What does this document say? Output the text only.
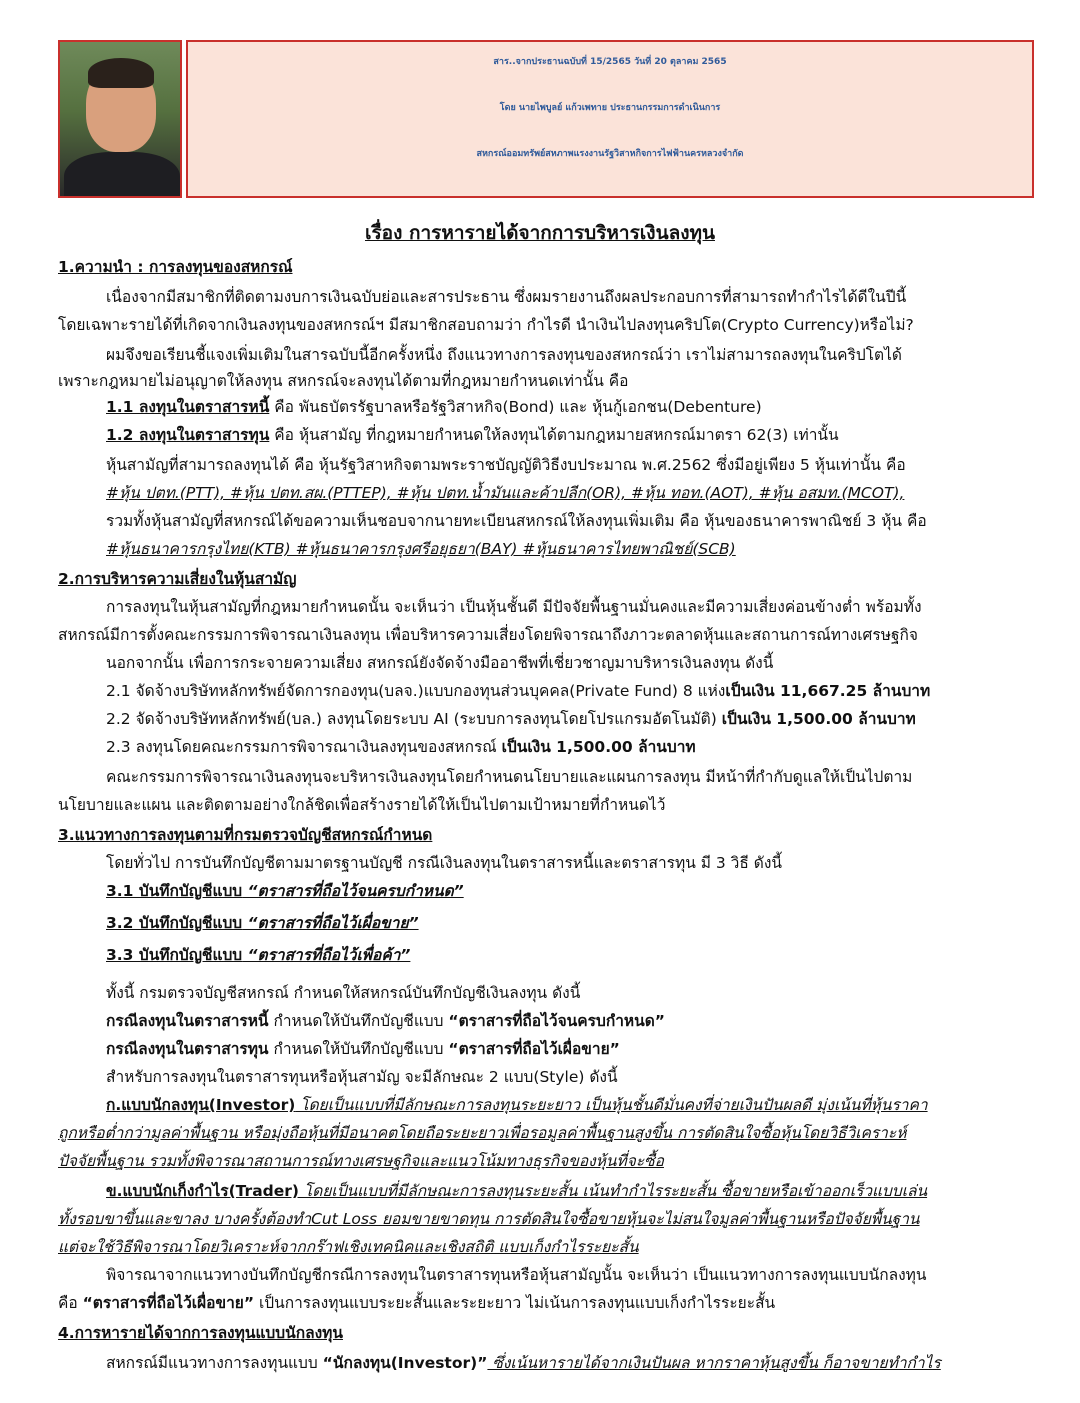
สาร..จากประธานฉบับที่ 15/2565 วันที่ 20 ตุลาคม 2565
โดย นายไพบูลย์ แก้วเพทาย ประธานกรรมการดำเนินการ
สหกรณ์ออมทรัพย์สหภาพแรงงานรัฐวิสาหกิจการไฟฟ้านครหลวงจำกัด
เรื่อง การหารายได้จากการบริหารเงินลงทุน
1.ความนำ : การลงทุนของสหกรณ์
เนื่องจากมีสมาชิกที่ติดตามงบการเงินฉบับย่อและสารประธาน ซึ่งผมรายงานถึงผลประกอบการที่สามารถทำกำไรได้ดีในปีนี้
โดยเฉพาะรายได้ที่เกิดจากเงินลงทุนของสหกรณ์ฯ มีสมาชิกสอบถามว่า กำไรดี นำเงินไปลงทุนคริปโต(Crypto Currency)หรือไม่?
ผมจึงขอเรียนชี้แจงเพิ่มเติมในสารฉบับนี้อีกครั้งหนึ่ง ถึงแนวทางการลงทุนของสหกรณ์ว่า เราไม่สามารถลงทุนในคริปโตได้
เพราะกฎหมายไม่อนุญาตให้ลงทุน สหกรณ์จะลงทุนได้ตามที่กฎหมายกำหนดเท่านั้น คือ
1.1 ลงทุนในตราสารหนี้ คือ พันธบัตรรัฐบาลหรือรัฐวิสาหกิจ(Bond) และ หุ้นกู้เอกชน(Debenture)
1.2 ลงทุนในตราสารทุน คือ หุ้นสามัญ ที่กฎหมายกำหนดให้ลงทุนได้ตามกฎหมายสหกรณ์มาตรา 62(3) เท่านั้น
หุ้นสามัญที่สามารถลงทุนได้ คือ หุ้นรัฐวิสาหกิจตามพระราชบัญญัติวิธีงบประมาณ พ.ศ.2562 ซึ่งมีอยู่เพียง 5 หุ้นเท่านั้น คือ
#หุ้น ปตท.(PTT), #หุ้น ปตท.สผ.(PTTEP), #หุ้น ปตท.น้ำมันและค้าปลีก(OR), #หุ้น ทอท.(AOT), #หุ้น อสมท.(MCOT),
รวมทั้งหุ้นสามัญที่สหกรณ์ได้ขอความเห็นชอบจากนายทะเบียนสหกรณ์ให้ลงทุนเพิ่มเติม คือ หุ้นของธนาคารพาณิชย์ 3 หุ้น คือ
#หุ้นธนาคารกรุงไทย(KTB) #หุ้นธนาคารกรุงศรีอยุธยา(BAY) #หุ้นธนาคารไทยพาณิชย์(SCB)
2.การบริหารความเสี่ยงในหุ้นสามัญ
การลงทุนในหุ้นสามัญที่กฎหมายกำหนดนั้น จะเห็นว่า เป็นหุ้นชั้นดี มีปัจจัยพื้นฐานมั่นคงและมีความเสี่ยงค่อนข้างต่ำ พร้อมทั้ง
สหกรณ์มีการตั้งคณะกรรมการพิจารณาเงินลงทุน เพื่อบริหารความเสี่ยงโดยพิจารณาถึงภาวะตลาดหุ้นและสถานการณ์ทางเศรษฐกิจ
นอกจากนั้น เพื่อการกระจายความเสี่ยง สหกรณ์ยังจัดจ้างมืออาชีพที่เชี่ยวชาญมาบริหารเงินลงทุน ดังนี้
2.1 จัดจ้างบริษัทหลักทรัพย์จัดการกองทุน(บลจ.)แบบกองทุนส่วนบุคคล(Private Fund) 8 แห่งเป็นเงิน 11,667.25 ล้านบาท
2.2 จัดจ้างบริษัทหลักทรัพย์(บล.) ลงทุนโดยระบบ AI (ระบบการลงทุนโดยโปรแกรมอัตโนมัติ) เป็นเงิน 1,500.00 ล้านบาท
2.3 ลงทุนโดยคณะกรรมการพิจารณาเงินลงทุนของสหกรณ์ เป็นเงิน 1,500.00 ล้านบาท
คณะกรรมการพิจารณาเงินลงทุนจะบริหารเงินลงทุนโดยกำหนดนโยบายและแผนการลงทุน มีหน้าที่กำกับดูแลให้เป็นไปตาม
นโยบายและแผน และติดตามอย่างใกล้ชิดเพื่อสร้างรายได้ให้เป็นไปตามเป้าหมายที่กำหนดไว้
3.แนวทางการลงทุนตามที่กรมตรวจบัญชีสหกรณ์กำหนด
โดยทั่วไป การบันทึกบัญชีตามมาตรฐานบัญชี กรณีเงินลงทุนในตราสารหนี้และตราสารทุน มี 3 วิธี ดังนี้
3.1 บันทึกบัญชีแบบ “ตราสารที่ถือไว้จนครบกำหนด”
3.2 บันทึกบัญชีแบบ “ตราสารที่ถือไว้เผื่อขาย”
3.3 บันทึกบัญชีแบบ “ตราสารที่ถือไว้เพื่อค้า”
ทั้งนี้ กรมตรวจบัญชีสหกรณ์ กำหนดให้สหกรณ์บันทึกบัญชีเงินลงทุน ดังนี้
กรณีลงทุนในตราสารหนี้ กำหนดให้บันทึกบัญชีแบบ “ตราสารที่ถือไว้จนครบกำหนด”
กรณีลงทุนในตราสารทุน กำหนดให้บันทึกบัญชีแบบ “ตราสารที่ถือไว้เผื่อขาย”
สำหรับการลงทุนในตราสารทุนหรือหุ้นสามัญ จะมีลักษณะ 2 แบบ(Style) ดังนี้
ก.แบบนักลงทุน(Investor) โดยเป็นแบบที่มีลักษณะการลงทุนระยะยาว เป็นหุ้นชั้นดีมั่นคงที่จ่ายเงินปันผลดี มุ่งเน้นที่หุ้นราคา
ถูกหรือต่ำกว่ามูลค่าพื้นฐาน หรือมุ่งถือหุ้นที่มีอนาคตโดยถือระยะยาวเพื่อรอมูลค่าพื้นฐานสูงขึ้น การตัดสินใจซื้อหุ้นโดยวิธีวิเคราะห์
ปัจจัยพื้นฐาน รวมทั้งพิจารณาสถานการณ์ทางเศรษฐกิจและแนวโน้มทางธุรกิจของหุ้นที่จะซื้อ
ข.แบบนักเก็งกำไร(Trader) โดยเป็นแบบที่มีลักษณะการลงทุนระยะสั้น เน้นทำกำไรระยะสั้น ซื้อขายหรือเข้าออกเร็วแบบเล่น
ทั้งรอบขาขึ้นและขาลง บางครั้งต้องทำCut Loss ยอมขายขาดทุน การตัดสินใจซื้อขายหุ้นจะไม่สนใจมูลค่าพื้นฐานหรือปัจจัยพื้นฐาน
แต่จะใช้วิธีพิจารณาโดยวิเคราะห์จากกร๊าฟเชิงเทคนิคและเชิงสถิติ แบบเก็งกำไรระยะสั้น
พิจารณาจากแนวทางบันทึกบัญชีกรณีการลงทุนในตราสารทุนหรือหุ้นสามัญนั้น จะเห็นว่า เป็นแนวทางการลงทุนแบบนักลงทุน
คือ “ตราสารที่ถือไว้เผื่อขาย” เป็นการลงทุนแบบระยะสั้นและระยะยาว ไม่เน้นการลงทุนแบบเก็งกำไรระยะสั้น
4.การหารายได้จากการลงทุนแบบนักลงทุน
สหกรณ์มีแนวทางการลงทุนแบบ “นักลงทุน(Investor)” ซึ่งเน้นหารายได้จากเงินปันผล หากราคาหุ้นสูงขึ้น ก็อาจขายทำกำไร
